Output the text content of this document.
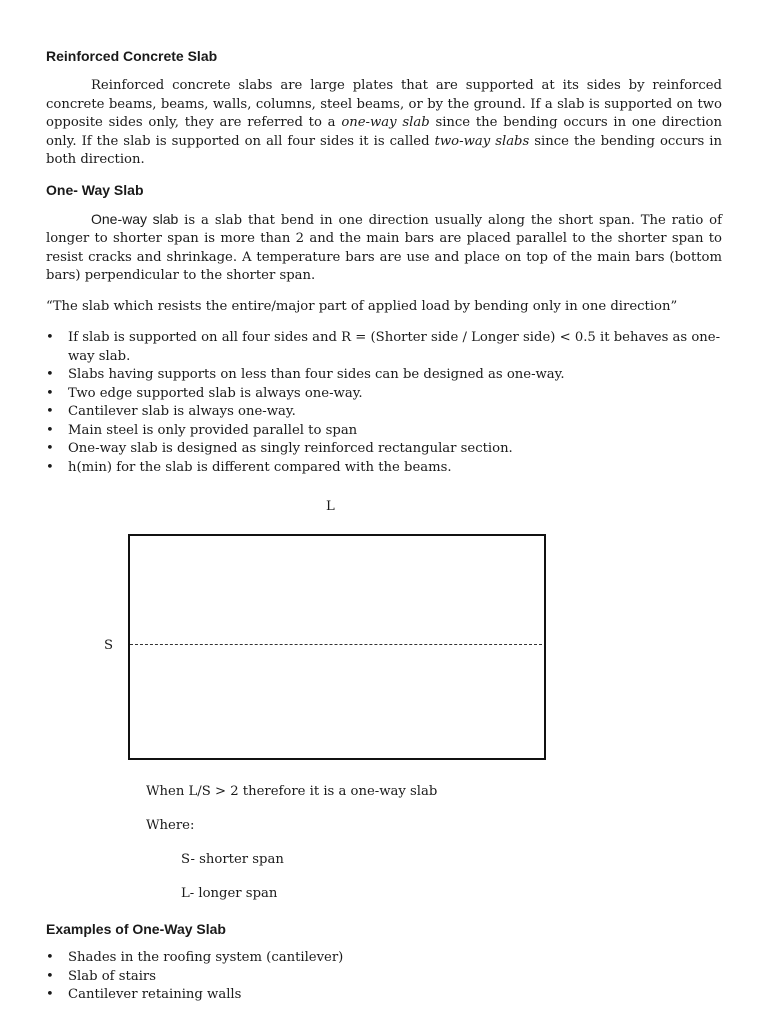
Reinforced Concrete Slab

Reinforced concrete slabs are large plates that are supported at its sides by reinforced concrete beams, beams, walls, columns, steel beams, or by the ground. If a slab is supported on two opposite sides only, they are referred to a one-way slab since the bending occurs in one direction only. If the slab is supported on all four sides it is called two-way slabs since the bending occurs in both direction.

One- Way Slab

One-way slab is a slab that bend in one direction usually along the short span. The ratio of longer to shorter span is more than 2 and the main bars are placed parallel to the shorter span to resist cracks and shrinkage. A temperature bars are use and place on top of the main bars (bottom bars) perpendicular to the shorter span.

“The slab which resists the entire/major part of applied load by bending only in one direction”

• If slab is supported on all four sides and R = (Shorter side / Longer side) < 0.5 it behaves as one-way slab.
• Slabs having supports on less than four sides can be designed as one-way.
• Two edge supported slab is always one-way.
• Cantilever slab is always one-way.
• Main steel is only provided parallel to span
• One-way slab is designed as singly reinforced rectangular section.
• h(min) for the slab is different compared with the beams.
L
S

When L/S > 2 therefore it is a one-way slab

Where:

S- shorter span

L- longer span

Examples of One-Way Slab
• Shades in the roofing system (cantilever)
• Slab of stairs
• Cantilever retaining walls
